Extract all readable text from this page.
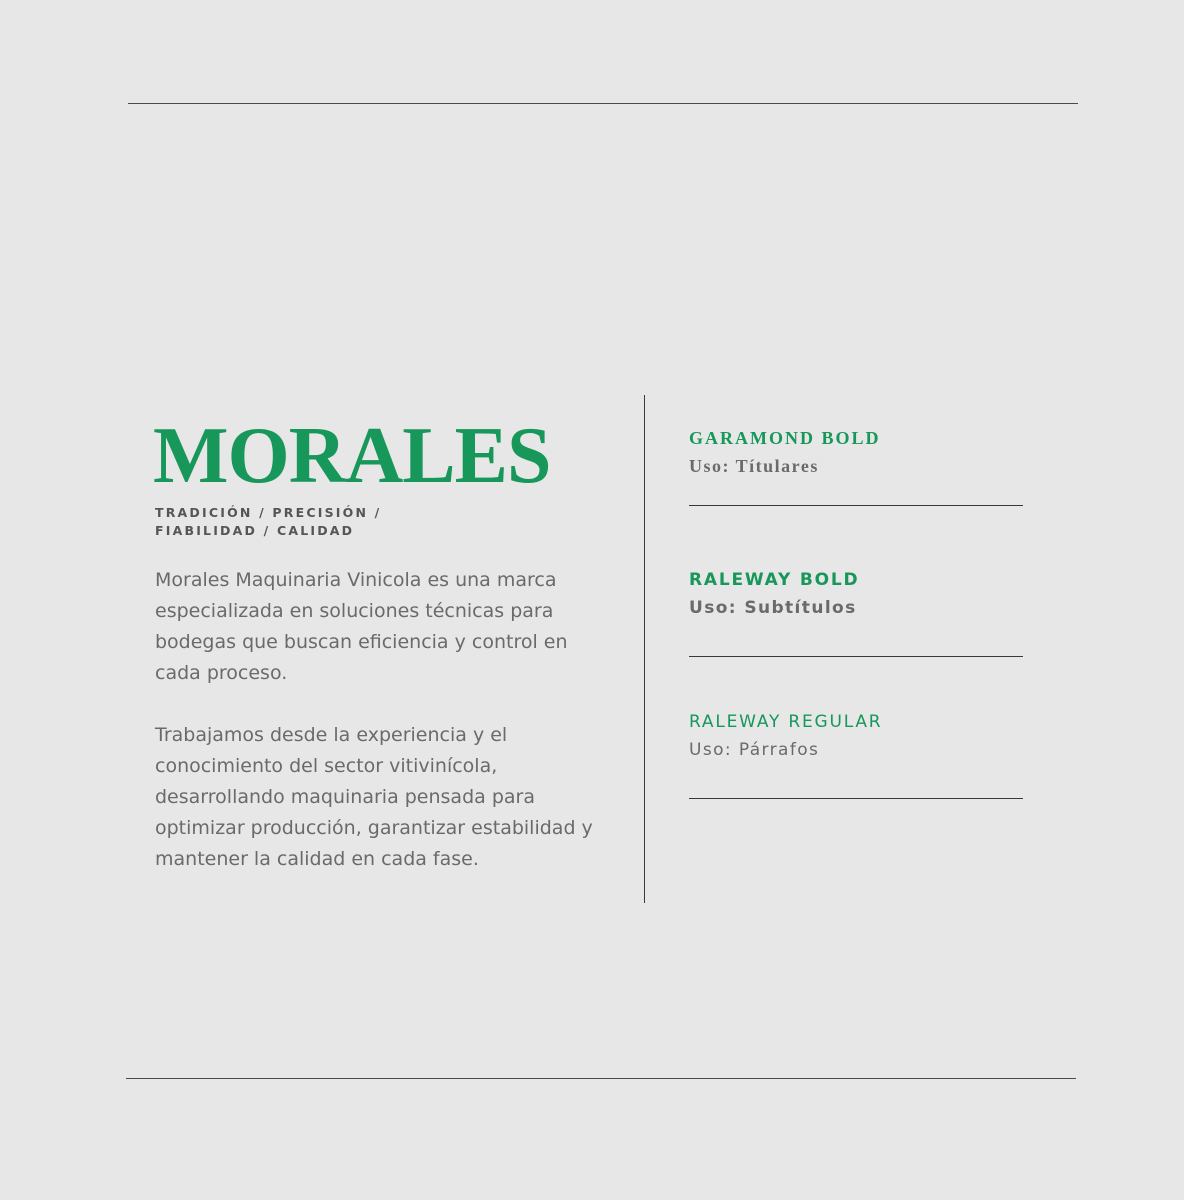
MORALES

TRADICIÓN / PRECISIÓN /
FIABILIDAD / CALIDAD

Morales Maquinaria Vinicola es una marca especializada en soluciones técnicas para bodegas que buscan eficiencia y control en cada proceso.

Trabajamos desde la experiencia y el conocimiento del sector vitivinícola, desarrollando maquinaria pensada para optimizar producción, garantizar estabilidad y mantener la calidad en cada fase.

GARAMOND BOLD

Uso: Títulares

RALEWAY BOLD

Uso: Subtítulos

RALEWAY REGULAR

Uso: Párrafos
